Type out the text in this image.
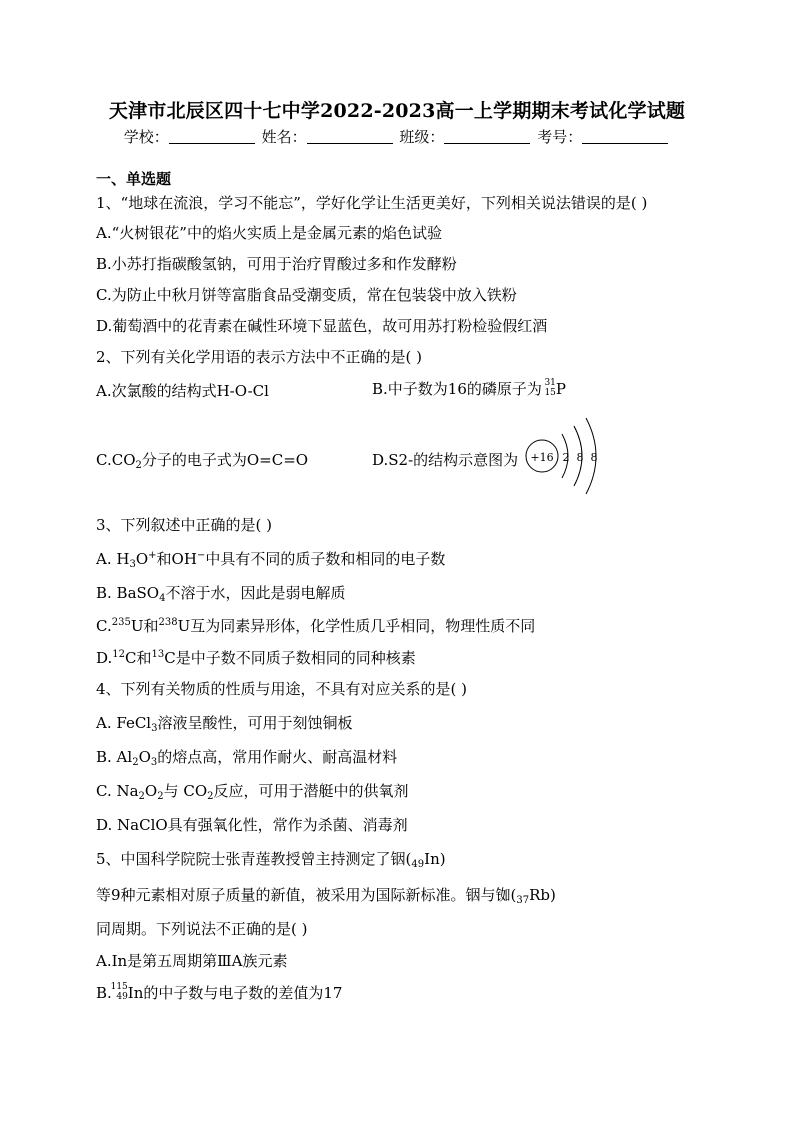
天津市北辰区四十七中学2022-2023高一上学期期末考试化学试题
学校：	姓名：	班级：	考号：
一、单选题
1、“地球在流浪，学习不能忘”，学好化学让生活更美好，下列相关说法错误的是( )
A.“火树银花”中的焰火实质上是金属元素的焰色试验
B.小苏打指碳酸氢钠，可用于治疗胃酸过多和作发酵粉
C.为防止中秋月饼等富脂食品受潮变质，常在包装袋中放入铁粉
D.葡萄酒中的花青素在碱性环境下显蓝色，故可用苏打粉检验假红酒
2、下列有关化学用语的表示方法中不正确的是( )
A.次氯酸的结构式H-O-Cl	B.中子数为16的磷原子为 31
15 P
$C.CO_2$分子的电子式为O=C=O	D.S2-的结构示意图为 +16 2 8 8
3、下列叙述中正确的是( )
A. $H_3O^+$和OH−中具有不同的质子数和相同的电子数
B. BaSO$_4$不溶于水，因此是弱电解质
C.$^{235}$U和$^{238}$U互为同素异形体，化学性质几乎相同，物理性质不同
D.$^{12}$C和$^{13}$C是中子数不同质子数相同的同种核素
4、下列有关物质的性质与用途，不具有对应关系的是( )
A. FeCl$_3$溶液呈酸性，可用于刻蚀铜板
B. $Al_2O_3$的熔点高，常用作耐火、耐高温材料
C. $Na_2O_2$与 $CO_2$反应，可用于潜艇中的供氧剂
D. NaClO具有强氧化性，常作为杀菌、消毒剂
5、中国科学院院士张青莲教授曾主持测定了铟$(_{49}In)$
等9种元素相对原子质量的新值，被采用为国际新标准。铟与铷$(_{37}Rb)$
同周期。下列说法不正确的是( )
A.In是第五周期第ⅢA族元素
B.
115
49 In的中子数与电子数的差值为17
